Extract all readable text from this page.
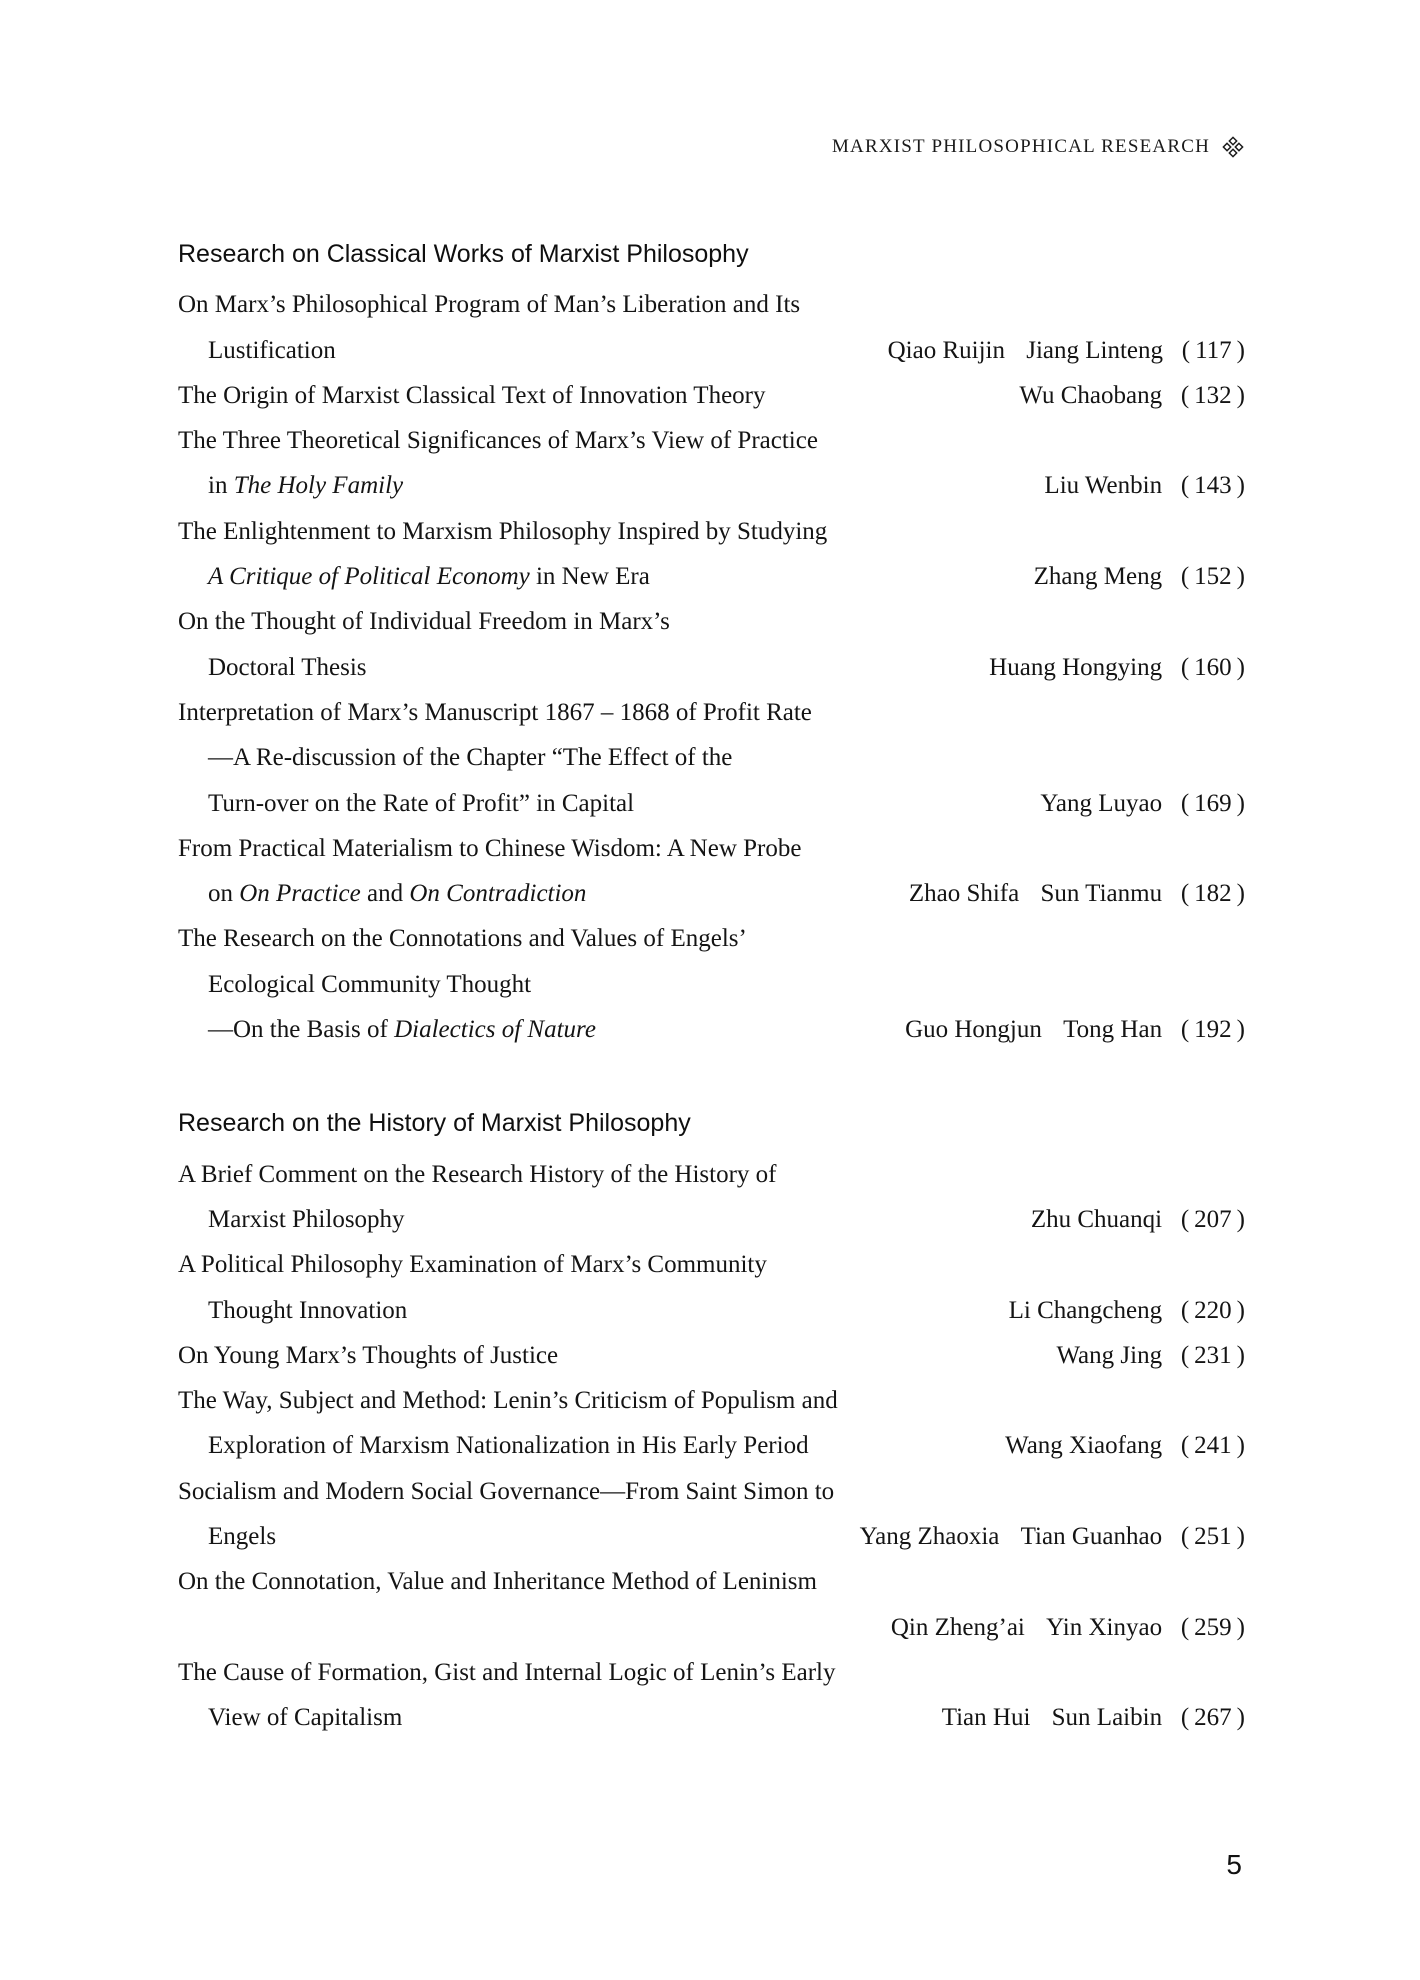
MARXIST PHILOSOPHICAL RESEARCH
Research on Classical Works of Marxist Philosophy
On Marx’s Philosophical Program of Man’s Liberation and Its
Lustification	Qiao Ruijin Jiang Linteng ( 117 )
The Origin of Marxist Classical Text of Innovation Theory	Wu Chaobang ( 132 )
The Three Theoretical Significances of Marx’s View of Practice
in The Holy Family	Liu Wenbin ( 143 )
The Enlightenment to Marxism Philosophy Inspired by Studying
A Critique of Political Economy in New Era	Zhang Meng ( 152 )
On the Thought of Individual Freedom in Marx’s
Doctoral Thesis	Huang Hongying ( 160 )
Interpretation of Marx’s Manuscript 1867 – 1868 of Profit Rate
—A Re-discussion of the Chapter “The Effect of the
Turn-over on the Rate of Profit” in Capital	Yang Luyao ( 169 )
From Practical Materialism to Chinese Wisdom: A New Probe
on On Practice and On Contradiction	Zhao Shifa Sun Tianmu ( 182 )
The Research on the Connotations and Values of Engels’
Ecological Community Thought
—On the Basis of Dialectics of Nature	Guo Hongjun Tong Han ( 192 )
Research on the History of Marxist Philosophy
A Brief Comment on the Research History of the History of
Marxist Philosophy	Zhu Chuanqi ( 207 )
A Political Philosophy Examination of Marx’s Community
Thought Innovation	Li Changcheng ( 220 )
On Young Marx’s Thoughts of Justice	Wang Jing ( 231 )
The Way, Subject and Method: Lenin’s Criticism of Populism and
Exploration of Marxism Nationalization in His Early Period	Wang Xiaofang ( 241 )
Socialism and Modern Social Governance—From Saint Simon to
Engels	Yang Zhaoxia Tian Guanhao ( 251 )
On the Connotation, Value and Inheritance Method of Leninism
Qin Zheng’ai Yin Xinyao ( 259 )
The Cause of Formation, Gist and Internal Logic of Lenin’s Early
View of Capitalism	Tian Hui Sun Laibin ( 267 )
5
